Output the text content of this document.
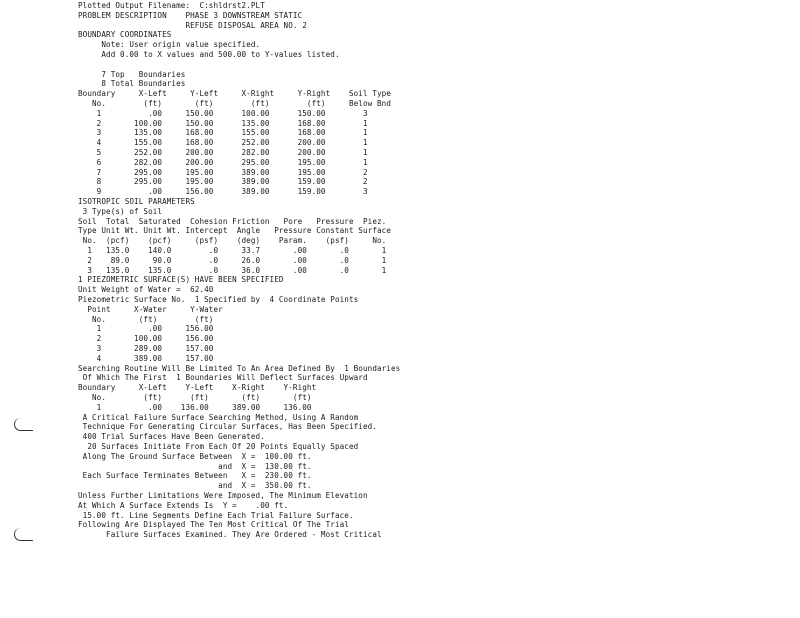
Plotted Output Filename:  C:shldrst2.PLT
PROBLEM DESCRIPTION    PHASE 3 DOWNSTREAM STATIC
REFUSE DISPOSAL AREA NO. 2
BOUNDARY COORDINATES
Note: User origin value specified.
Add 0.00 to X values and 500.00 to Y-values listed.
7 Top   Boundaries
8 Total Boundaries
Boundary     X-Left     Y-Left     X-Right     Y-Right    Soil Type
No.        (ft)       (ft)        (ft)        (ft)     Below Bnd
1          .00     150.00      100.00      150.00        3
2       100.00     150.00      135.00      168.00        1
3       135.00     168.00      155.00      168.00        1
4       155.00     168.00      252.00      200.00        1
5       252.00     200.00      282.00      200.00        1
6       282.00     200.00      295.00      195.00        1
7       295.00     195.00      389.00      195.00        2
8       295.00     195.00      389.00      159.00        2
9          .00     156.00      389.00      159.00        3
ISOTROPIC SOIL PARAMETERS
3 Type(s) of Soil
Soil  Total  Saturated  Cohesion Friction   Pore   Pressure  Piez.
Type Unit Wt. Unit Wt. Intercept  Angle   Pressure Constant Surface
No.  (pcf)    (pcf)     (psf)    (deg)    Param.    (psf)     No.
1   135.0    140.0        .0     33.7       .00       .0       1
2    89.0     90.0        .0     26.0       .00       .0       1
3   135.0    135.0        .0     36.0       .00       .0       1
1 PIEZOMETRIC SURFACE(S) HAVE BEEN SPECIFIED
Unit Weight of Water =  62.40
Piezometric Surface No.  1 Specified by  4 Coordinate Points
Point     X-Water     Y-Water
No.       (ft)        (ft)
1          .00     156.00
2       100.00     156.00
3       289.00     157.00
4       389.00     157.00
Searching Routine Will Be Limited To An Area Defined By  1 Boundaries
Of Which The First  1 Boundaries Will Deflect Surfaces Upward
Boundary     X-Left    Y-Left    X-Right    Y-Right
No.        (ft)      (ft)       (ft)       (ft)
1          .00    136.00     389.00     136.00
A Critical Failure Surface Searching Method, Using A Random
Technique For Generating Circular Surfaces, Has Been Specified.
400 Trial Surfaces Have Been Generated.
20 Surfaces Initiate From Each Of 20 Points Equally Spaced
Along The Ground Surface Between  X =  100.00 ft.
and  X =  130.00 ft.
Each Surface Terminates Between   X =  230.00 ft.
and  X =  350.00 ft.
Unless Further Limitations Were Imposed, The Minimum Elevation
At Which A Surface Extends Is  Y =    .00 ft.
15.00 ft. Line Segments Define Each Trial Failure Surface.
Following Are Displayed The Ten Most Critical Of The Trial
Failure Surfaces Examined. They Are Ordered - Most Critical
